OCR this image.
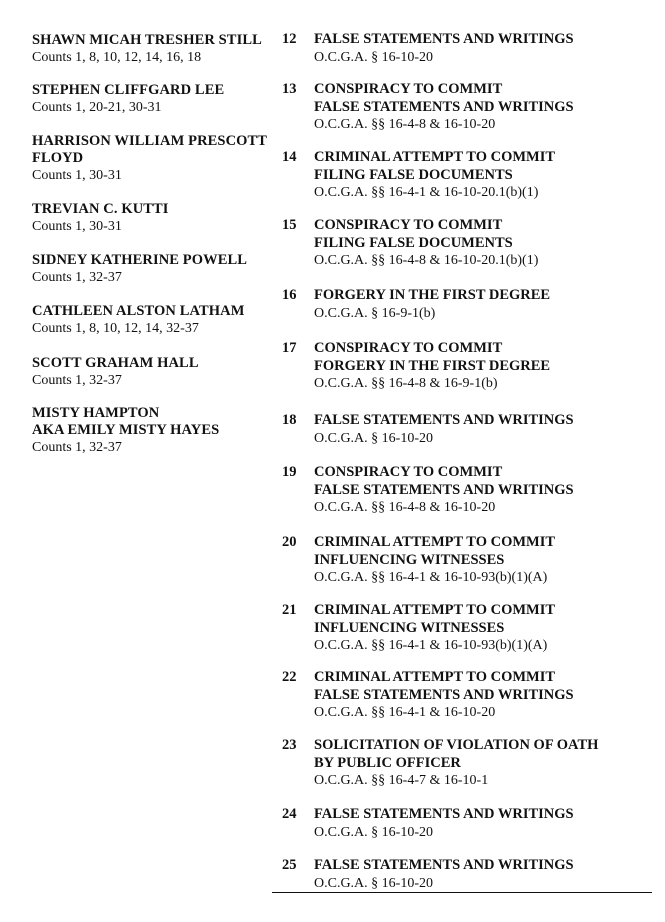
SHAWN MICAH TRESHER STILL
Counts 1, 8, 10, 12, 14, 16, 18
STEPHEN CLIFFGARD LEE
Counts 1, 20-21, 30-31
HARRISON WILLIAM PRESCOTT
FLOYD
Counts 1, 30-31
TREVIAN C. KUTTI
Counts 1, 30-31
SIDNEY KATHERINE POWELL
Counts 1, 32-37
CATHLEEN ALSTON LATHAM
Counts 1, 8, 10, 12, 14, 32-37
SCOTT GRAHAM HALL
Counts 1, 32-37
MISTY HAMPTON
AKA EMILY MISTY HAYES
Counts 1, 32-37
12	FALSE STATEMENTS AND WRITINGS
O.C.G.A. § 16-10-20
13	CONSPIRACY TO COMMIT
FALSE STATEMENTS AND WRITINGS
O.C.G.A. §§ 16-4-8 & 16-10-20
14	CRIMINAL ATTEMPT TO COMMIT
FILING FALSE DOCUMENTS
O.C.G.A. §§ 16-4-1 & 16-10-20.1(b)(1)
15	CONSPIRACY TO COMMIT
FILING FALSE DOCUMENTS
O.C.G.A. §§ 16-4-8 & 16-10-20.1(b)(1)
16	FORGERY IN THE FIRST DEGREE
O.C.G.A. § 16-9-1(b)
17	CONSPIRACY TO COMMIT
FORGERY IN THE FIRST DEGREE
O.C.G.A. §§ 16-4-8 & 16-9-1(b)
18	FALSE STATEMENTS AND WRITINGS
O.C.G.A. § 16-10-20
19	CONSPIRACY TO COMMIT
FALSE STATEMENTS AND WRITINGS
O.C.G.A. §§ 16-4-8 & 16-10-20
20	CRIMINAL ATTEMPT TO COMMIT
INFLUENCING WITNESSES
O.C.G.A. §§ 16-4-1 & 16-10-93(b)(1)(A)
21	CRIMINAL ATTEMPT TO COMMIT
INFLUENCING WITNESSES
O.C.G.A. §§ 16-4-1 & 16-10-93(b)(1)(A)
22	CRIMINAL ATTEMPT TO COMMIT
FALSE STATEMENTS AND WRITINGS
O.C.G.A. §§ 16-4-1 & 16-10-20
23	SOLICITATION OF VIOLATION OF OATH
BY PUBLIC OFFICER
O.C.G.A. §§ 16-4-7 & 16-10-1
24	FALSE STATEMENTS AND WRITINGS
O.C.G.A. § 16-10-20
25	FALSE STATEMENTS AND WRITINGS
O.C.G.A. § 16-10-20
